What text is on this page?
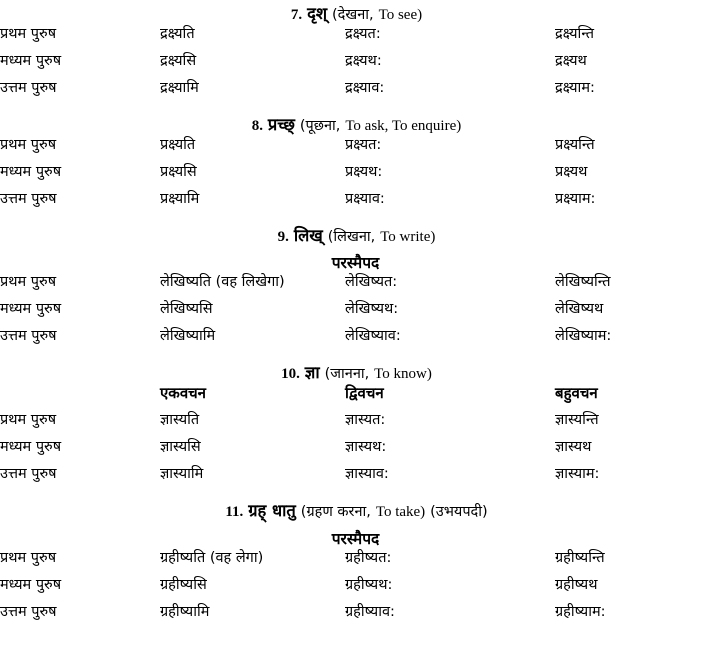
7. दृश् (देखना, To see)

प्रथम पुरुष	द्रक्ष्यति	द्रक्ष्यत:	द्रक्ष्यन्ति
मध्यम पुरुष	द्रक्ष्यसि	द्रक्ष्यथ:	द्रक्ष्यथ
उत्तम पुरुष	द्रक्ष्यामि	द्रक्ष्याव:	द्रक्ष्याम:

8. प्रच्छ् (पूछना, To ask, To enquire)

प्रथम पुरुष	प्रक्ष्यति	प्रक्ष्यत:	प्रक्ष्यन्ति
मध्यम पुरुष	प्रक्ष्यसि	प्रक्ष्यथ:	प्रक्ष्यथ
उत्तम पुरुष	प्रक्ष्यामि	प्रक्ष्याव:	प्रक्ष्याम:

9. लिख् (लिखना, To write)

परस्मैपद

प्रथम पुरुष	लेखिष्यति (वह लिखेगा)	लेखिष्यत:	लेखिष्यन्ति
मध्यम पुरुष	लेखिष्यसि	लेखिष्यथ:	लेखिष्यथ
उत्तम पुरुष	लेखिष्यामि	लेखिष्याव:	लेखिष्याम:

10. ज्ञा (जानना, To know)

	एकवचन	द्विवचन	बहुवचन
प्रथम पुरुष	ज्ञास्यति	ज्ञास्यत:	ज्ञास्यन्ति
मध्यम पुरुष	ज्ञास्यसि	ज्ञास्यथ:	ज्ञास्यथ
उत्तम पुरुष	ज्ञास्यामि	ज्ञास्याव:	ज्ञास्याम:

11. ग्रह् धातु (ग्रहण करना, To take) (उभयपदी)

परस्मैपद

प्रथम पुरुष	ग्रहीष्यति (वह लेगा)	ग्रहीष्यत:	ग्रहीष्यन्ति
मध्यम पुरुष	ग्रहीष्यसि	ग्रहीष्यथ:	ग्रहीष्यथ
उत्तम पुरुष	ग्रहीष्यामि	ग्रहीष्याव:	ग्रहीष्याम:
